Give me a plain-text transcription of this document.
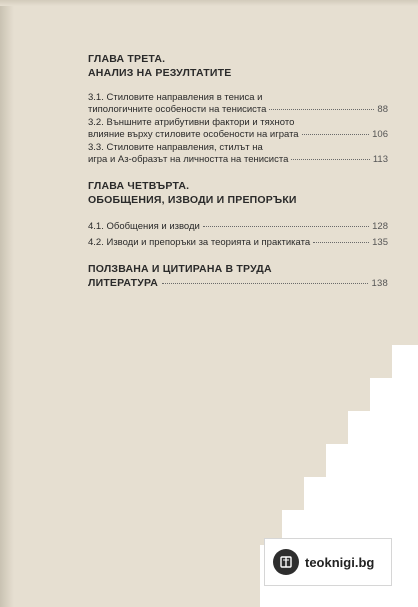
ГЛАВА ТРЕТА.
АНАЛИЗ НА РЕЗУЛТАТИТЕ
3.1. Стиловите направления в тениса и
типологичните особености на тенисиста	88
3.2. Външните атрибутивни фактори и тяхното
влияние върху стиловите особености на играта	106
3.3. Стиловите направления, стилът на
игра и Аз-образът на личността на тенисиста	113
ГЛАВА ЧЕТВЪРТА.
ОБОБЩЕНИЯ, ИЗВОДИ И ПРЕПОРЪКИ
4.1. Обобщения и изводи	128
4.2. Изводи и препоръки за теорията и практиката	135
ПОЛЗВАНА И ЦИТИРАНА В ТРУДА
ЛИТЕРАТУРА	138
teoknigi.bg
